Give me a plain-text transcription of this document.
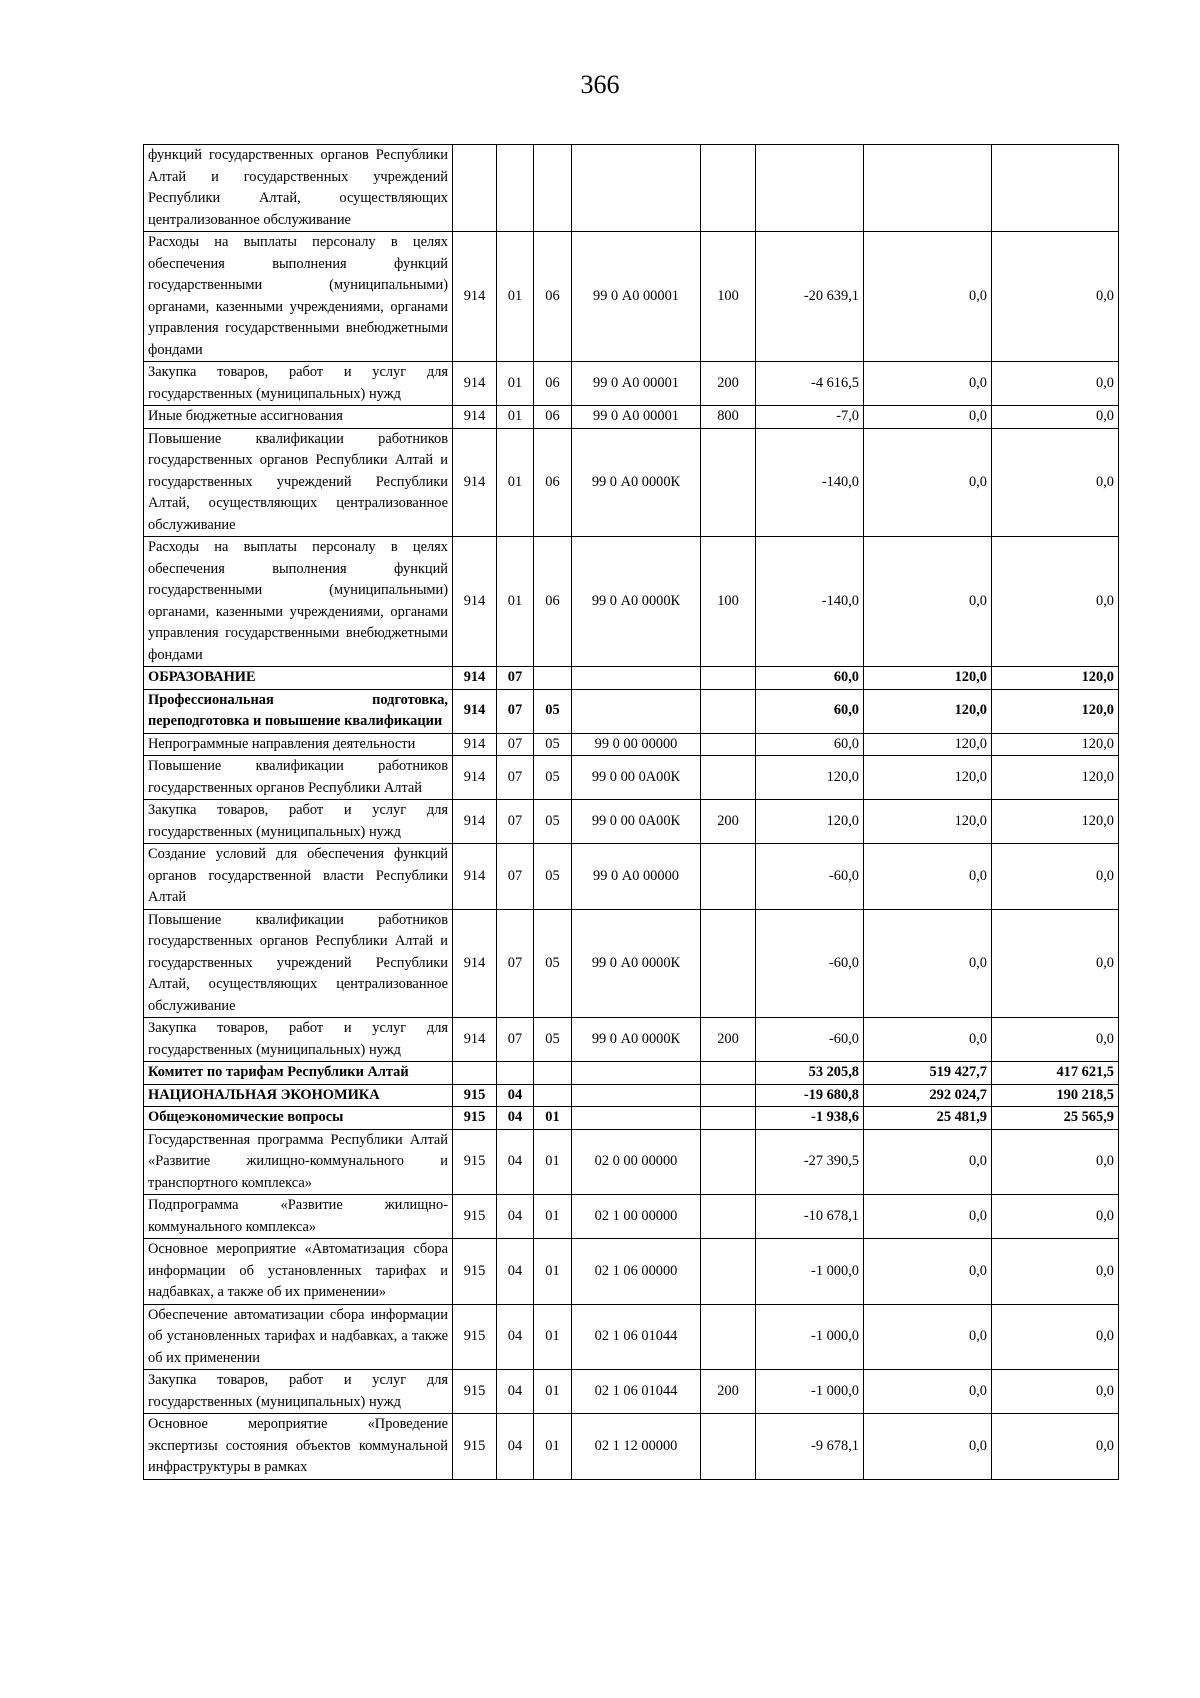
366
функций государственных органов Республики Алтай и государственных учреждений Республики Алтай, осуществляющих централизованное обслуживание								
Расходы на выплаты персоналу в целях обеспечения выполнения функций государственными (муниципальными) органами, казенными учреждениями, органами управления государственными внебюджетными фондами	914	01	06	99 0 А0 00001	100	-20 639,1	0,0	0,0
Закупка товаров, работ и услуг для государственных (муниципальных) нужд	914	01	06	99 0 А0 00001	200	-4 616,5	0,0	0,0
Иные бюджетные ассигнования	914	01	06	99 0 А0 00001	800	-7,0	0,0	0,0
Повышение квалификации работников государственных органов Республики Алтай и государственных учреждений Республики Алтай, осуществляющих централизованное обслуживание	914	01	06	99 0 А0 0000К		-140,0	0,0	0,0
Расходы на выплаты персоналу в целях обеспечения выполнения функций государственными (муниципальными) органами, казенными учреждениями, органами управления государственными внебюджетными фондами	914	01	06	99 0 А0 0000К	100	-140,0	0,0	0,0
ОБРАЗОВАНИЕ	914	07				60,0	120,0	120,0
Профессиональная подготовка, переподготовка и повышение квалификации	914	07	05			60,0	120,0	120,0
Непрограммные направления деятельности	914	07	05	99 0 00 00000		60,0	120,0	120,0
Повышение квалификации работников государственных органов Республики Алтай	914	07	05	99 0 00 0А00К		120,0	120,0	120,0
Закупка товаров, работ и услуг для государственных (муниципальных) нужд	914	07	05	99 0 00 0А00К	200	120,0	120,0	120,0
Создание условий для обеспечения функций органов государственной власти Республики Алтай	914	07	05	99 0 А0 00000		-60,0	0,0	0,0
Повышение квалификации работников государственных органов Республики Алтай и государственных учреждений Республики Алтай, осуществляющих централизованное обслуживание	914	07	05	99 0 А0 0000К		-60,0	0,0	0,0
Закупка товаров, работ и услуг для государственных (муниципальных) нужд	914	07	05	99 0 А0 0000К	200	-60,0	0,0	0,0
Комитет по тарифам Республики Алтай						53 205,8	519 427,7	417 621,5
НАЦИОНАЛЬНАЯ ЭКОНОМИКА	915	04				-19 680,8	292 024,7	190 218,5
Общеэкономические вопросы	915	04	01			-1 938,6	25 481,9	25 565,9
Государственная программа Республики Алтай «Развитие жилищно-коммунального и транспортного комплекса»	915	04	01	02 0 00 00000		-27 390,5	0,0	0,0
Подпрограмма «Развитие жилищно-коммунального комплекса»	915	04	01	02 1 00 00000		-10 678,1	0,0	0,0
Основное мероприятие «Автоматизация сбора информации об установленных тарифах и надбавках, а также об их применении»	915	04	01	02 1 06 00000		-1 000,0	0,0	0,0
Обеспечение автоматизации сбора информации об установленных тарифах и надбавках, а также об их применении	915	04	01	02 1 06 01044		-1 000,0	0,0	0,0
Закупка товаров, работ и услуг для государственных (муниципальных) нужд	915	04	01	02 1 06 01044	200	-1 000,0	0,0	0,0
Основное мероприятие «Проведение экспертизы состояния объектов коммунальной инфраструктуры в рамках	915	04	01	02 1 12 00000		-9 678,1	0,0	0,0
